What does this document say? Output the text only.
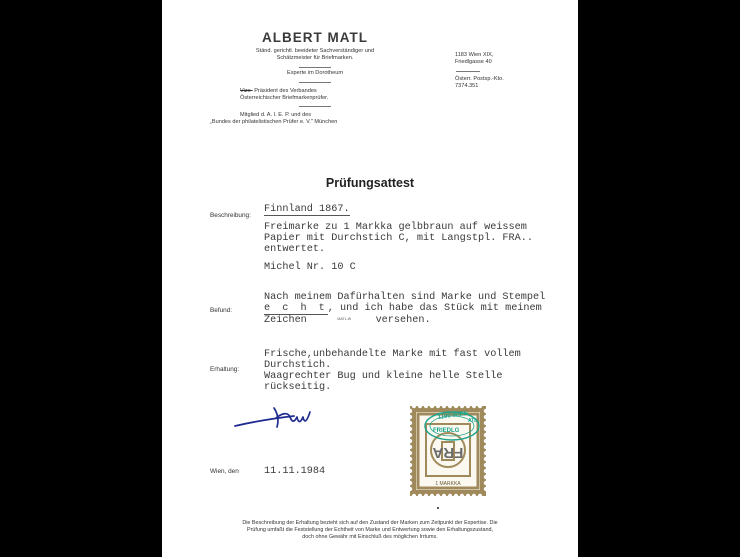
ALBERT MATL
Ständ. gerichtl. beeideter Sachverständiger und
Schätzmeister für Briefmarken.
Experte im Dorotheum
Vize- Präsident des Verbandes
Österreichischer Briefmarkenprüfer.
Mitglied d. A. I. E. P. und des
„Bundes der philatelistischen Prüfer e. V." München
1183 Wien XIX,
Friedlgasse 40
Österr. Postsp.-Kto.
7374.351
Prüfungsattest
Beschreibung:
Finnland 1867.
Freimarke zu 1 Markka gelbbraun auf weissem
Papier mit Durchstich C, mit Langstpl. FRA..
entwertet.
Michel Nr. 10 C
Befund:
Nach meinem Dafürhalten sind Marke und Stempel
e c h t, und ich habe das Stück mit meinem
Zeichen	MATL.W versehen.
Erhaltung:
Frische,unbehandelte Marke mit fast vollem
Durchstich.
Waagrechter Bug und kleine helle Stelle
rückseitig.
FRA
1 MARKKA
1190 WIEN
ATL
FRIEDLG
Wien, den 11.11.1984
Die Beschreibung der Erhaltung bezieht sich auf den Zustand der Marken zum Zeitpunkt der Expertise. Die
Prüfung umfaßt die Feststellung der Echtheit von Marke und Entwertung sowie den Erhaltungszustand,
doch ohne Gewähr mit Einschluß des möglichen Irrtums.
